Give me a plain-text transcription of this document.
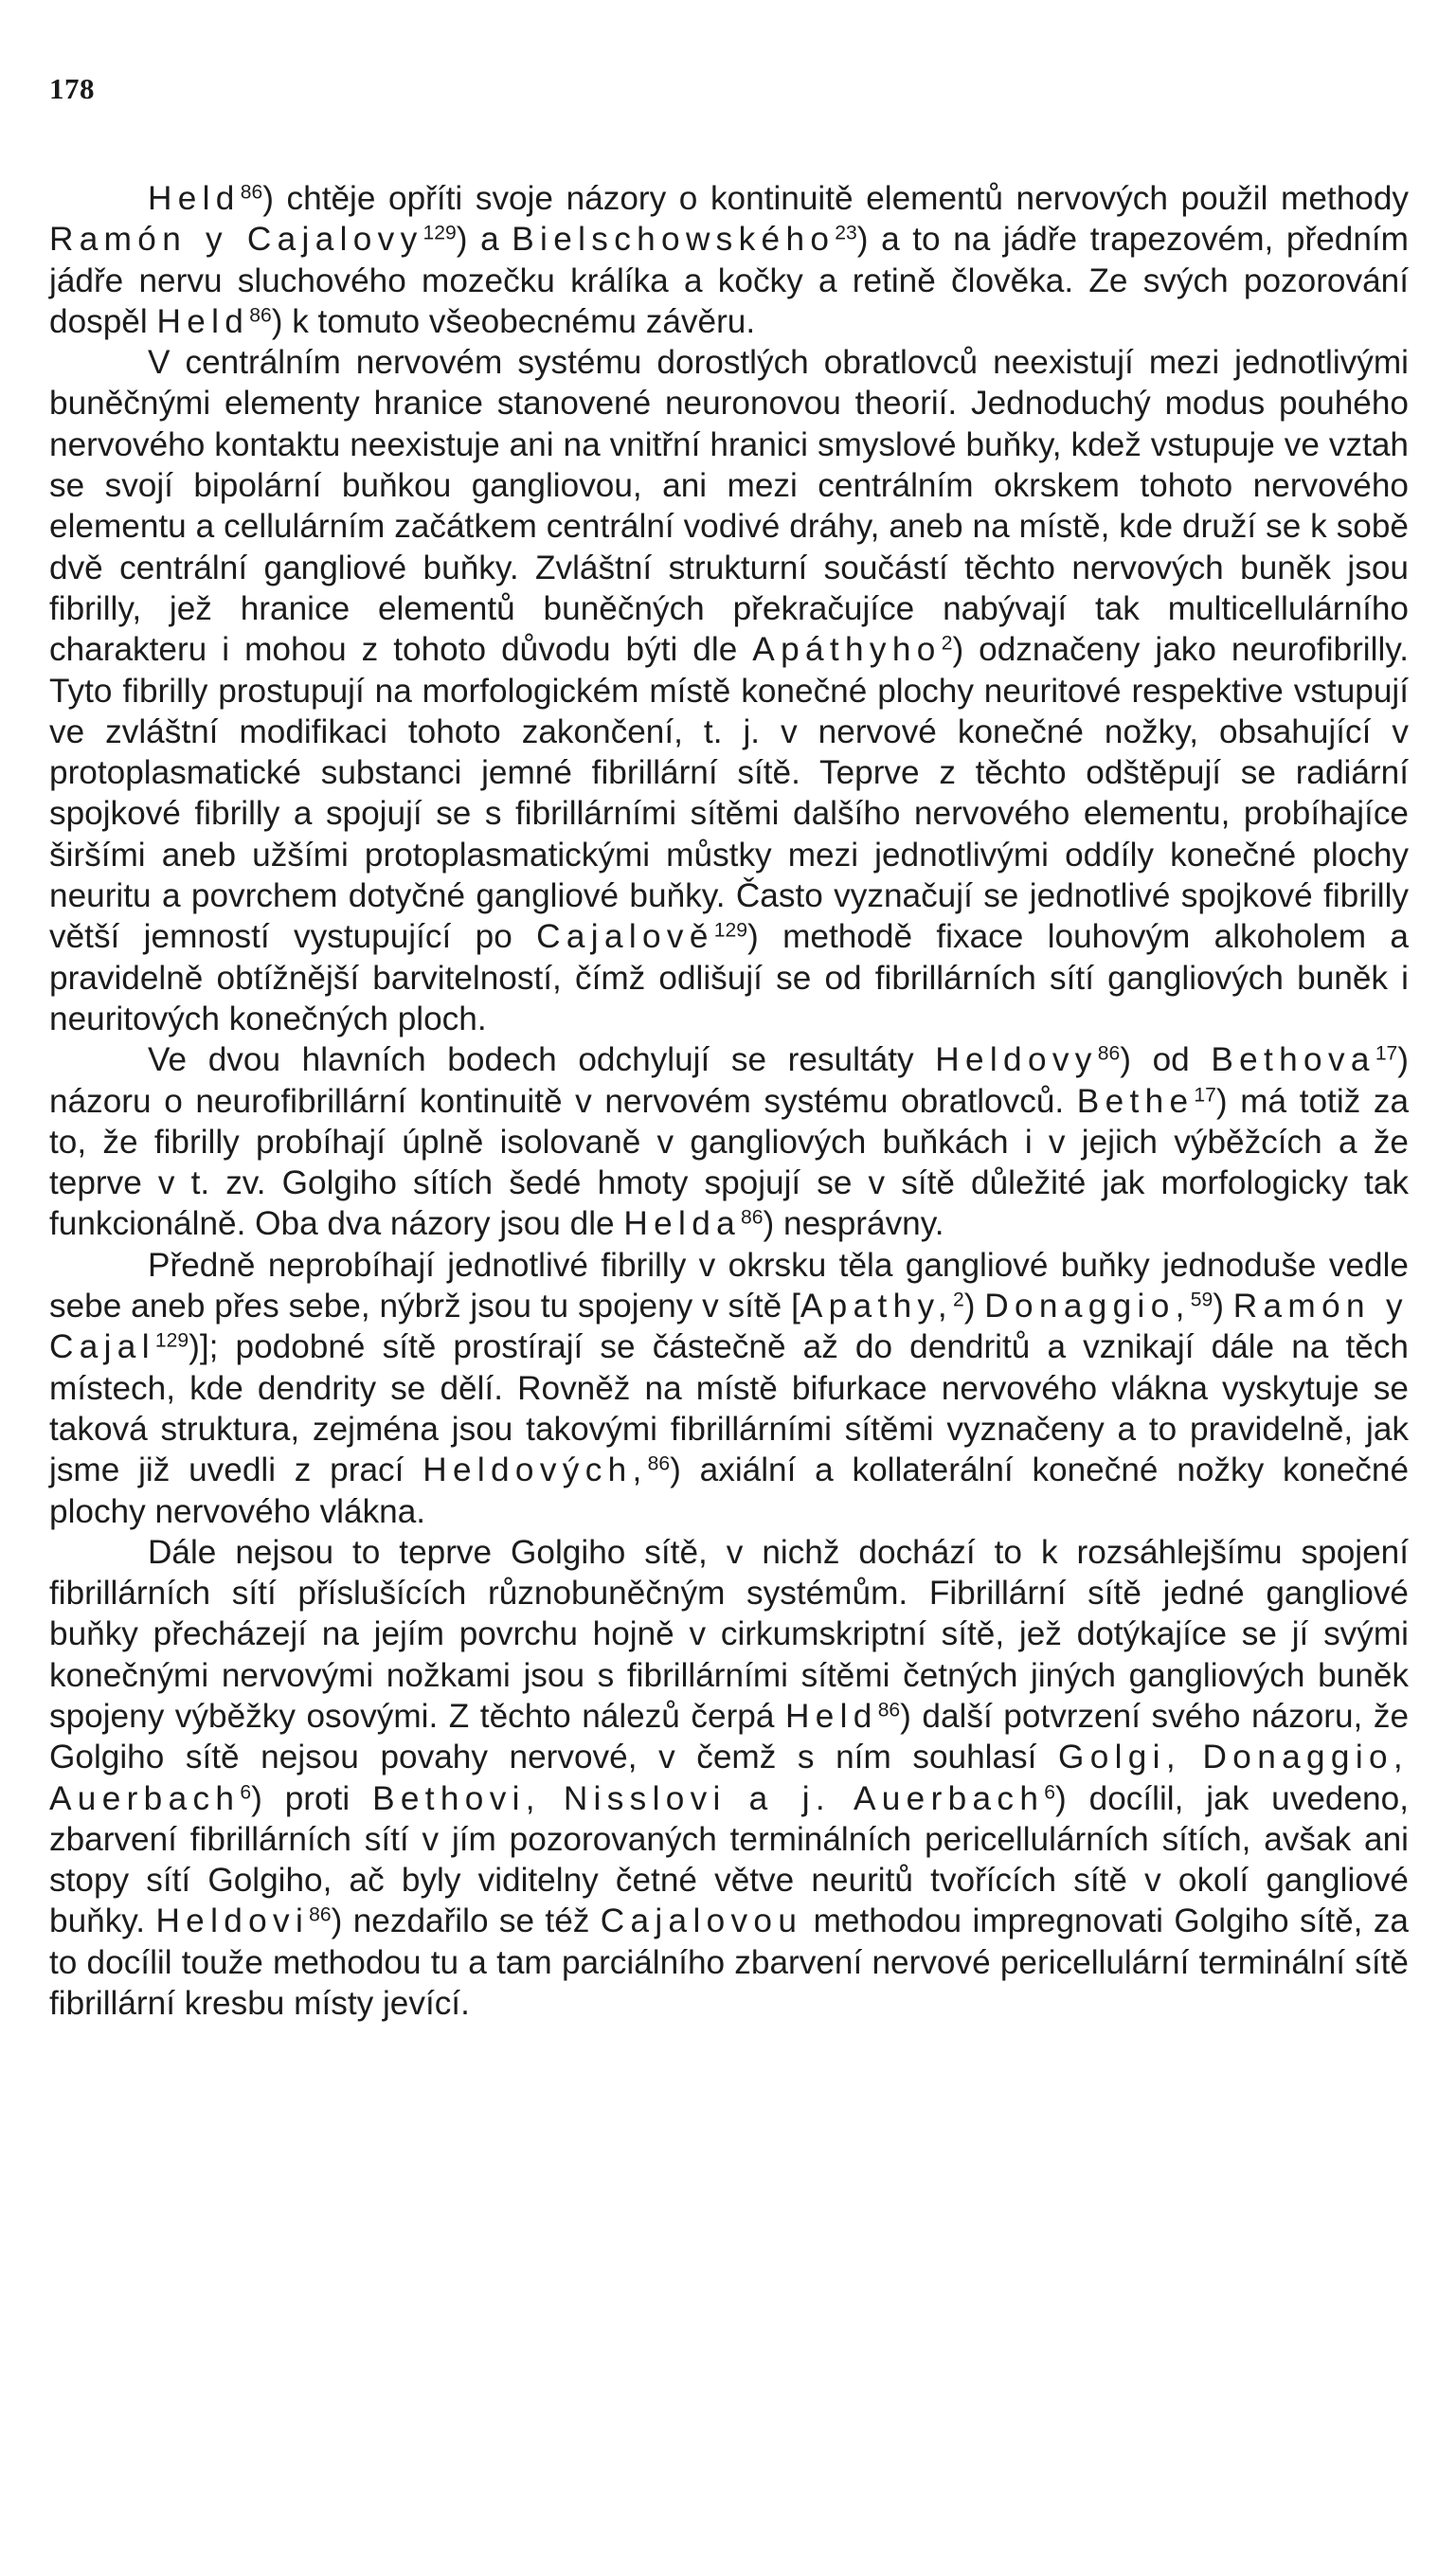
178

Held$^{86}$) chtěje opříti svoje názory o kontinuitě elementů nervových použil methody Ramón y Cajalovy$^{129}$) a Bielschowského$^{23}$) a to na jádře trapezovém, předním jádře nervu sluchového mozečku králíka a kočky a retině člověka. Ze svých pozorování dospěl Held$^{86}$) k tomuto všeobecnému závěru.

V centrálním nervovém systému dorostlých obratlovců neexistují mezi jednotlivými buněčnými elementy hranice stanovené neuronovou theorií. Jednoduchý modus pouhého nervového kontaktu neexistuje ani na vnitřní hranici smyslové buňky, kdež vstupuje ve vztah se svojí bipolární buňkou gangliovou, ani mezi centrálním okrskem tohoto nervového elementu a cellulárním začátkem centrální vodivé dráhy, aneb na místě, kde druží se k sobě dvě centrální gangliové buňky. Zvláštní strukturní součástí těchto nervových buněk jsou fibrilly, jež hranice elementů buněčných překračujíce nabývají tak multicellulárního charakteru i mohou z tohoto důvodu býti dle Apáthyho$^2$) odznačeny jako neurofibrilly. Tyto fibrilly prostupují na morfologickém místě konečné plochy neuritové respektive vstupují ve zvláštní modifikaci tohoto zakončení, t. j. v nervové konečné nožky, obsahující v protoplasmatické substanci jemné fibrillární sítě. Teprve z těchto odštěpují se radiární spojkové fibrilly a spojují se s fibrillárními sítěmi dalšího nervového elementu, probíhajíce širšími aneb užšími protoplasmatickými můstky mezi jednotlivými oddíly konečné plochy neuritu a povrchem dotyčné gangliové buňky. Často vyznačují se jednotlivé spojkové fibrilly větší jemností vystupující po Cajalově$^{129}$) methodě fixace louhovým alkoholem a pravidelně obtížnější barvitelností, čímž odlišují se od fibrillárních sítí gangliových buněk i neuritových konečných ploch.

Ve dvou hlavních bodech odchylují se resultáty Heldovy$^{86}$) od Bethova$^{17}$) názoru o neurofibrillární kontinuitě v nervovém systému obratlovců. Bethe$^{17}$) má totiž za to, že fibrilly probíhají úplně isolovaně v gangliových buňkách i v jejich výběžcích a že teprve v t. zv. Golgiho sítích šedé hmoty spojují se v sítě důležité jak morfologicky tak funkcionálně. Oba dva názory jsou dle Helda$^{86}$) nesprávny.

Předně neprobíhají jednotlivé fibrilly v okrsku těla gangliové buňky jednoduše vedle sebe aneb přes sebe, nýbrž jsou tu spojeny v sítě [Apathy,$^2$) Donaggio,$^{59}$) Ramón y Cajal$^{129}$)]; podobné sítě prostírají se částečně až do dendritů a vznikají dále na těch místech, kde dendrity se dělí. Rovněž na místě bifurkace nervového vlákna vyskytuje se taková struktura, zejména jsou takovými fibrillárními sítěmi vyznačeny a to pravidelně, jak jsme již uvedli z prací Heldových,$^{86}$) axiální a kollaterální konečné nožky konečné plochy nervového vlákna.

Dále nejsou to teprve Golgiho sítě, v nichž dochází to k rozsáhlejšímu spojení fibrillárních sítí příslušících různobuněčným systémům. Fibrillární sítě jedné gangliové buňky přecházejí na jejím povrchu hojně v cirkumskriptní sítě, jež dotýkajíce se jí svými konečnými nervovými nožkami jsou s fibrillárními sítěmi četných jiných gangliových buněk spojeny výběžky osovými. Z těchto nálezů čerpá Held$^{86}$) další potvrzení svého názoru, že Golgiho sítě nejsou povahy nervové, v čemž s ním souhlasí Golgi, Donaggio, Auerbach$^6$) proti Bethovi, Nisslovi a j. Auerbach$^6$) docílil, jak uvedeno, zbarvení fibrillárních sítí v jím pozorovaných terminálních pericellulárních sítích, avšak ani stopy sítí Golgiho, ač byly viditelny četné větve neuritů tvořících sítě v okolí gangliové buňky. Heldovi$^{86}$) nezdařilo se též Cajalovou methodou impregnovati Golgiho sítě, za to docílil touže methodou tu a tam parciálního zbarvení nervové pericellulární terminální sítě fibrillární kresbu místy jevící.
